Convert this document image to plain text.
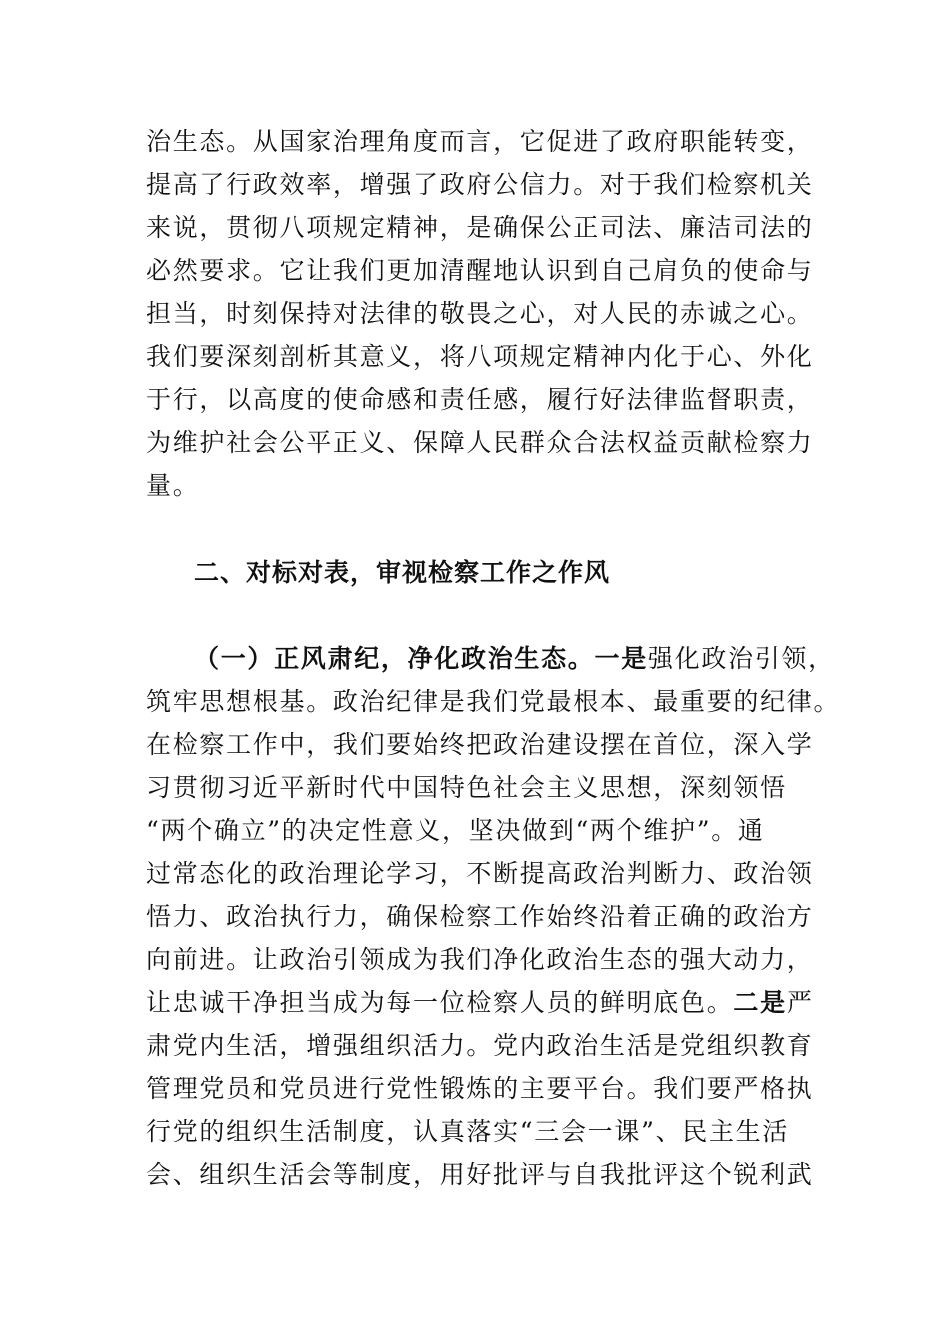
治生态。从国家治理角度而言，它促进了政府职能转变，
提高了行政效率，增强了政府公信力。对于我们检察机关
来说，贯彻八项规定精神，是确保公正司法、廉洁司法的
必然要求。它让我们更加清醒地认识到自己肩负的使命与
担当，时刻保持对法律的敬畏之心，对人民的赤诚之心。
我们要深刻剖析其意义，将八项规定精神内化于心、外化
于行，以高度的使命感和责任感，履行好法律监督职责，
为维护社会公平正义、保障人民群众合法权益贡献检察力
量。
二、对标对表，审视检察工作之作风
（一）正风肃纪，净化政治生态。一是强化政治引领，
筑牢思想根基。政治纪律是我们党最根本、最重要的纪律。
在检察工作中，我们要始终把政治建设摆在首位，深入学
习贯彻习近平新时代中国特色社会主义思想，深刻领悟
“两个确立”的决定性意义，坚决做到“两个维护”。通
过常态化的政治理论学习，不断提高政治判断力、政治领
悟力、政治执行力，确保检察工作始终沿着正确的政治方
向前进。让政治引领成为我们净化政治生态的强大动力，
让忠诚干净担当成为每一位检察人员的鲜明底色。二是严
肃党内生活，增强组织活力。党内政治生活是党组织教育
管理党员和党员进行党性锻炼的主要平台。我们要严格执
行党的组织生活制度，认真落实“三会一课”、民主生活
会、组织生活会等制度，用好批评与自我批评这个锐利武
